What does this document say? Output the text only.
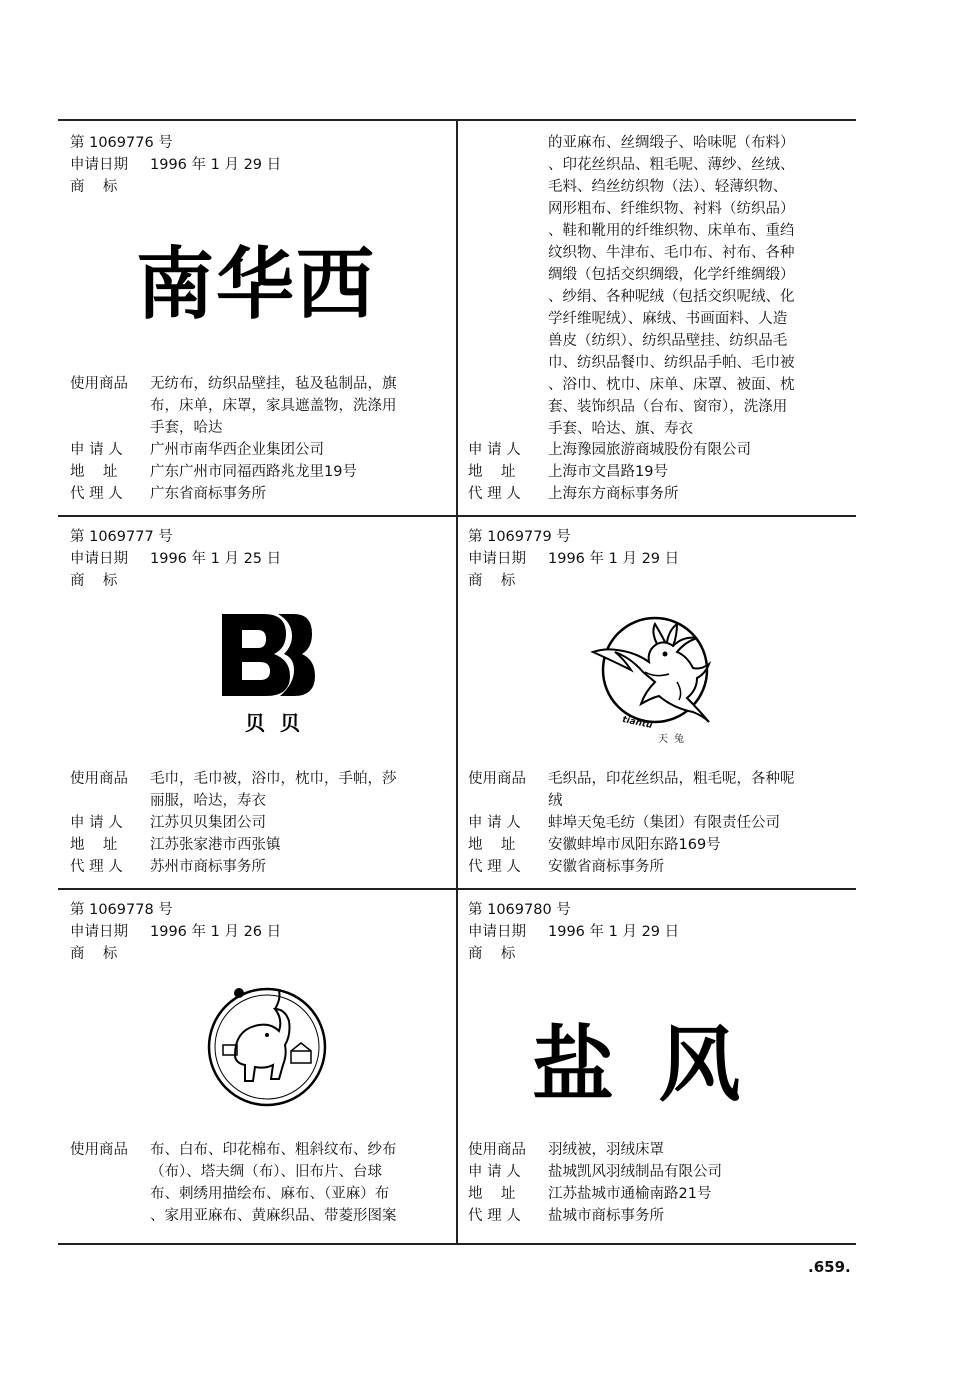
第
1069776
号
申请日期	1996 年 1 月 29 日
商    标
南华西
使用商品	无纺布，纺织品壁挂，毡及毡制品，旗
布，床单，床罩，家具遮盖物，洗涤用
手套，哈达
申 请 人	广州市南华西企业集团公司
地    址	广东广州市同福西路兆龙里19号
代 理 人	广东省商标事务所
的亚麻布、丝绸缎子、哈味呢（布料）
、印花丝织品、粗毛呢、薄纱、丝绒、
毛料、绉丝纺织物（法）、轻薄织物、
网形粗布、纤维织物、衬料（纺织品）
、鞋和靴用的纤维织物、床单布、重绉
纹织物、牛津布、毛巾布、衬布、各种
绸缎（包括交织绸缎，化学纤维绸缎）
、纱绢、各种呢绒（包括交织呢绒、化
学纤维呢绒）、麻绒、书画面料、人造
兽皮（纺织）、纺织品壁挂、纺织品毛
巾、纺织品餐巾、纺织品手帕、毛巾被
、浴巾、枕巾、床单、床罩、被面、枕
套、装饰织品（台布、窗帘），洗涤用
手套、哈达、旗、寿衣
申 请 人	上海豫园旅游商城股份有限公司
地    址	上海市文昌路19号
代 理 人	上海东方商标事务所
第
1069777
号
申请日期	1996 年 1 月 25 日
商    标
贝 贝
使用商品	毛巾，毛巾被，浴巾，枕巾，手帕，莎
丽服，哈达，寿衣
申 请 人	江苏贝贝集团公司
地    址	江苏张家港市西张镇
代 理 人	苏州市商标事务所
第
1069779
号
申请日期	1996 年 1 月 29 日
商    标
tiantu
天兔
使用商品	毛织品，印花丝织品，粗毛呢，各种呢
绒
申 请 人	蚌埠天兔毛纺（集团）有限责任公司
地    址	安徽蚌埠市凤阳东路169号
代 理 人	安徽省商标事务所
第
1069778
号
申请日期	1996 年 1 月 26 日
商    标
使用商品	布、白布、印花棉布、粗斜纹布、纱布
（布）、塔夫绸（布）、旧布片、台球
布、刺绣用描绘布、麻布、（亚麻）布
、家用亚麻布、黄麻织品、带菱形图案
第
1069780
号
申请日期	1996 年 1 月 29 日
商    标
盐 风
使用商品	羽绒被，羽绒床罩
申 请 人	盐城凯风羽绒制品有限公司
地    址	江苏盐城市通榆南路21号
代 理 人	盐城市商标事务所
.659.
